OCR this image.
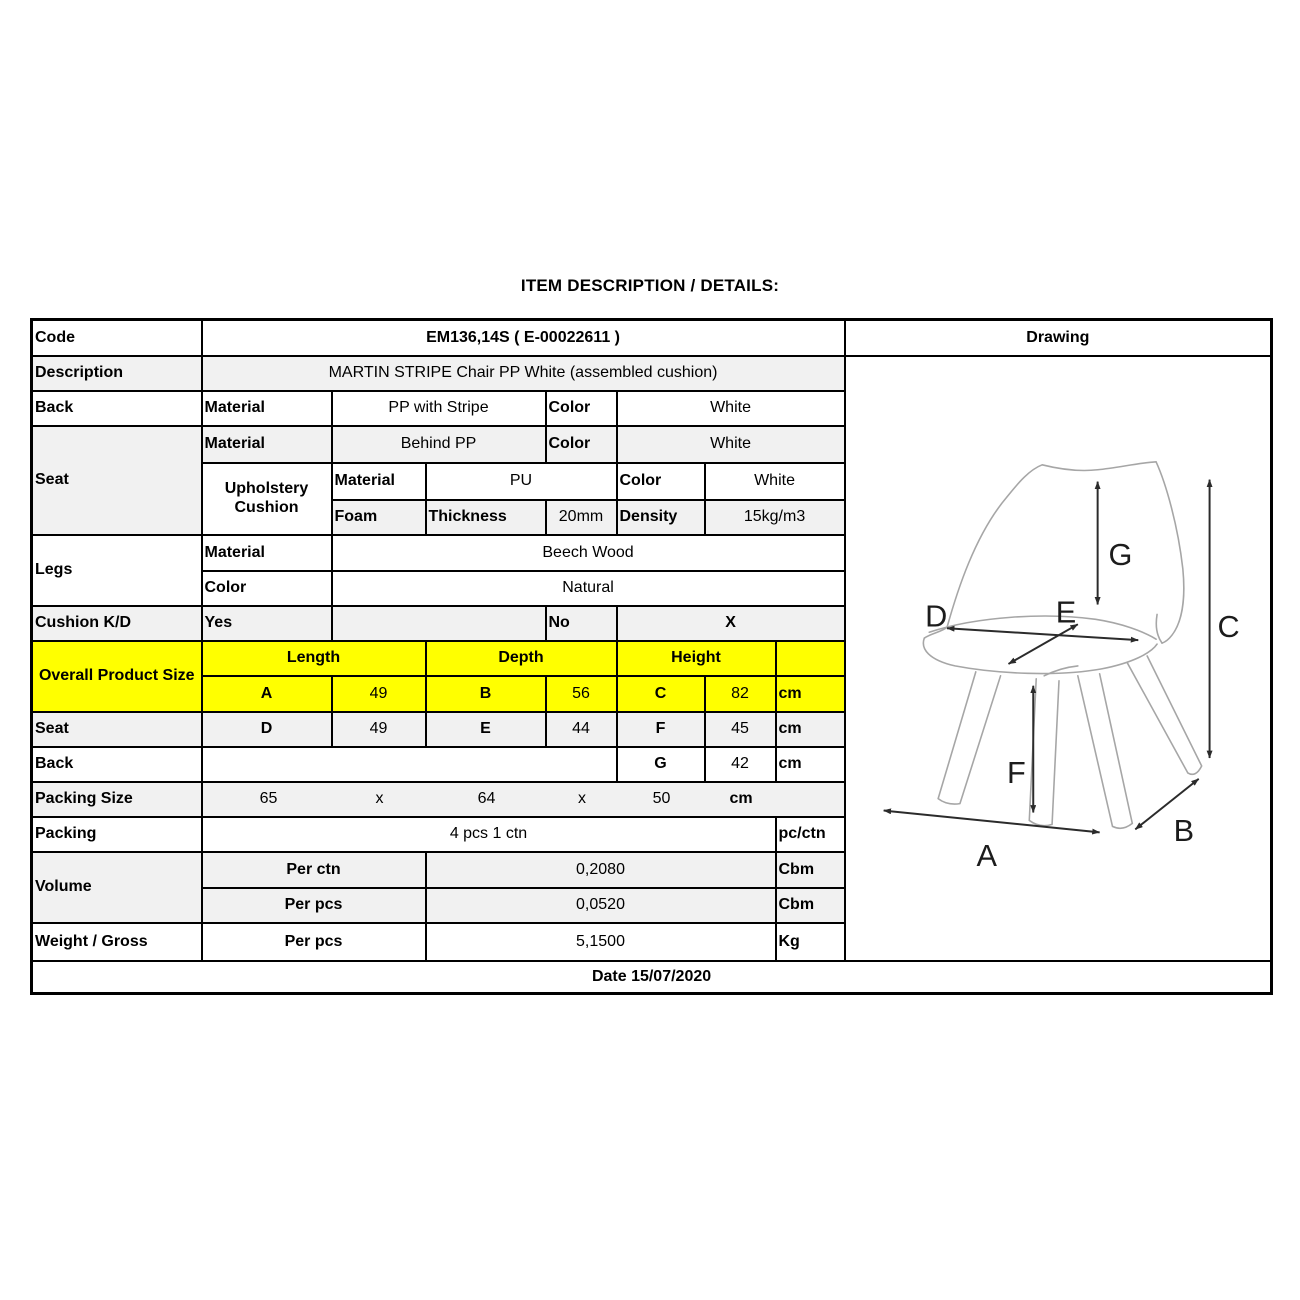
ITEM DESCRIPTION / DETAILS:
Code	EM136,14S ( E-00022611 )							Drawing
Description	MARTIN STRIPE Chair PP White (assembled cushion)	
G
C
D	E
F
A
B

Back	Material	PP with Stripe		Color	White			
Seat	Material	Behind PP		Color	White			
	Upholstery Cushion	Material	PU		Color	White		
		Foam	Thickness	20mm	Density	15kg/m3		
Legs	Material	Beech Wood						
	Color	Natural						
Cushion K/D	Yes			No	X			
Overall Product Size	Length		Depth		Height			
	A	49	B	56	C	82	cm	
Seat	D	49	E	44	F	45	cm	
Back					G	42	cm	
Packing Size	65	x	64	x	50	cm

Packing	4 pcs 1 ctn						pc/ctn	
Volume	Per ctn		0,2080				Cbm	
	Per pcs		0,0520				Cbm	
Weight / Gross	Per pcs		5,1500				Kg	
Date 15/07/2020								
